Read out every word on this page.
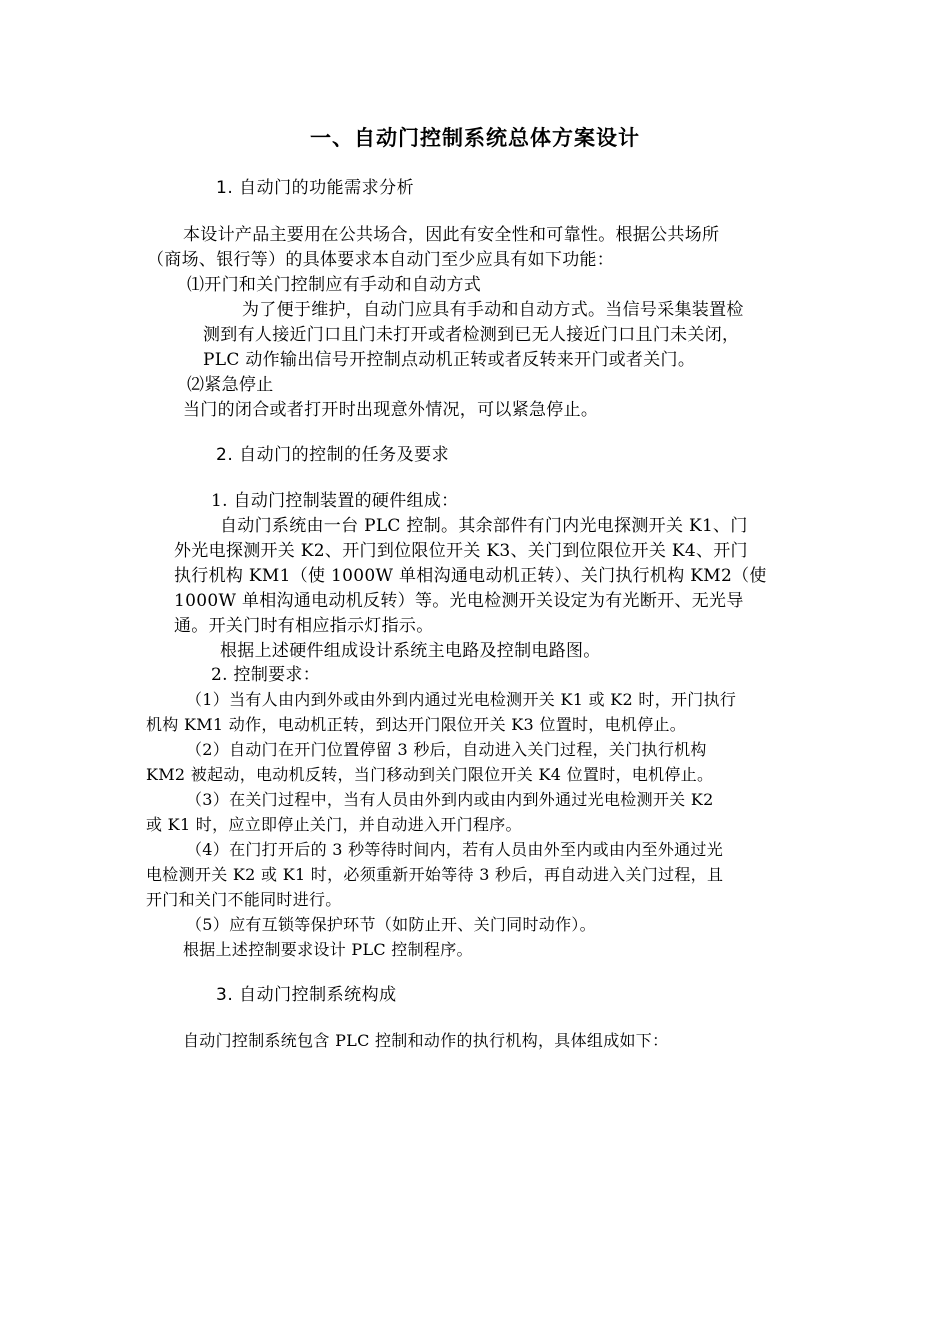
一、自动门控制系统总体方案设计
1. 自动门的功能需求分析
本设计产品主要用在公共场合，因此有安全性和可靠性。根据公共场所
（商场、银行等）的具体要求本自动门至少应具有如下功能：
⑴开门和关门控制应有手动和自动方式
为了便于维护，自动门应具有手动和自动方式。当信号采集装置检
测到有人接近门口且门未打开或者检测到已无人接近门口且门未关闭，
PLC 动作输出信号开控制点动机正转或者反转来开门或者关门。
⑵紧急停止
当门的闭合或者打开时出现意外情况，可以紧急停止。
2. 自动门的控制的任务及要求
1. 自动门控制装置的硬件组成：
自动门系统由一台 PLC 控制。其余部件有门内光电探测开关 K1、门
外光电探测开关 K2、开门到位限位开关 K3、关门到位限位开关 K4、开门
执行机构 KM1（使 1000W 单相沟通电动机正转）、关门执行机构 KM2（使
1000W 单相沟通电动机反转）等。光电检测开关设定为有光断开、无光导
通。开关门时有相应指示灯指示。
根据上述硬件组成设计系统主电路及控制电路图。
2. 控制要求：
（1）当有人由内到外或由外到内通过光电检测开关 K1 或 K2 时，开门执行
机构 KM1 动作，电动机正转，到达开门限位开关 K3 位置时，电机停止。
（2）自动门在开门位置停留 3 秒后，自动进入关门过程，关门执行机构
KM2 被起动，电动机反转，当门移动到关门限位开关 K4 位置时，电机停止。
（3）在关门过程中，当有人员由外到内或由内到外通过光电检测开关 K2
或 K1 时，应立即停止关门，并自动进入开门程序。
（4）在门打开后的 3 秒等待时间内，若有人员由外至内或由内至外通过光
电检测开关 K2 或 K1 时，必须重新开始等待 3 秒后，再自动进入关门过程，且
开门和关门不能同时进行。
（5）应有互锁等保护环节（如防止开、关门同时动作）。
根据上述控制要求设计 PLC 控制程序。
3. 自动门控制系统构成
自动门控制系统包含 PLC 控制和动作的执行机构，具体组成如下：
